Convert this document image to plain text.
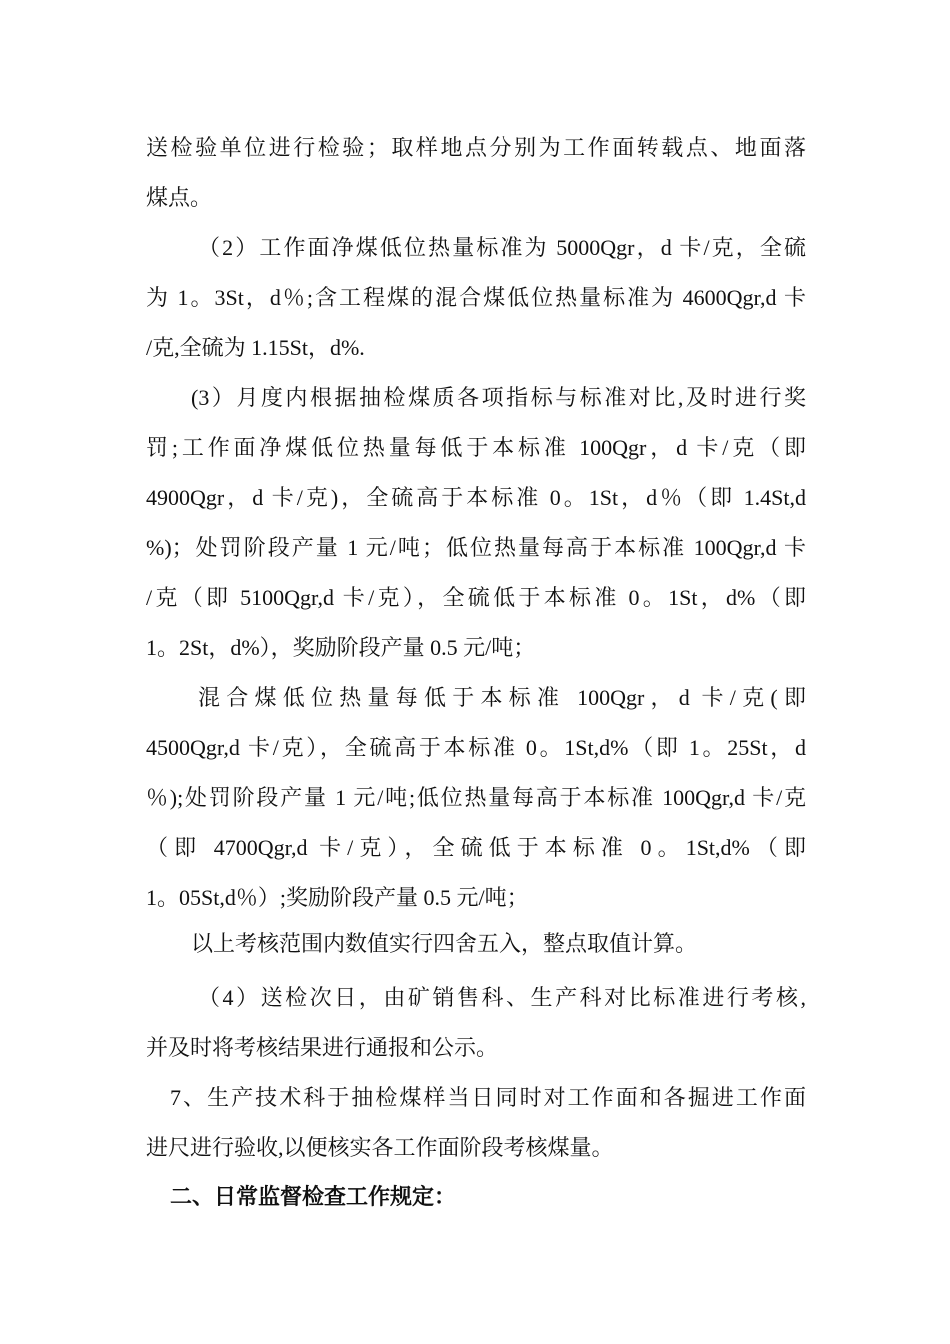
送检验单位进行检验；取样地点分别为工作面转载点、地面落
煤点。
（2）工作面净煤低位热量标准为 5000Qgr，d 卡/克，全硫
为 1。3St，d％;含工程煤的混合煤低位热量标准为 4600Qgr,d 卡
/克,全硫为 1.15St，d%.
(3）月度内根据抽检煤质各项指标与标准对比,及时进行奖
罚;工作面净煤低位热量每低于本标准 100Qgr，d 卡/克（即
4900Qgr，d 卡/克)，全硫高于本标准 0。1St，d％（即 1.4St,d
%)；处罚阶段产量 1 元/吨；低位热量每高于本标准 100Qgr,d 卡
/克（即 5100Qgr,d 卡/克），全硫低于本标准 0。1St，d%（即
1。2St，d%），奖励阶段产量 0.5 元/吨；
混合煤低位热量每低于本标准 100Qgr，d 卡/克(即
4500Qgr,d 卡/克），全硫高于本标准 0。1St,d%（即 1。25St，d
％);处罚阶段产量 1 元/吨;低位热量每高于本标准 100Qgr,d 卡/克
（即 4700Qgr,d 卡/克），全硫低于本标准 0。1St,d%（即
1。05St,d％）;奖励阶段产量 0.5 元/吨；
以上考核范围内数值实行四舍五入，整点取值计算。
（4）送检次日，由矿销售科、生产科对比标准进行考核,
并及时将考核结果进行通报和公示。
7、生产技术科于抽检煤样当日同时对工作面和各掘进工作面
进尺进行验收,以便核实各工作面阶段考核煤量。
二、日常监督检查工作规定：
